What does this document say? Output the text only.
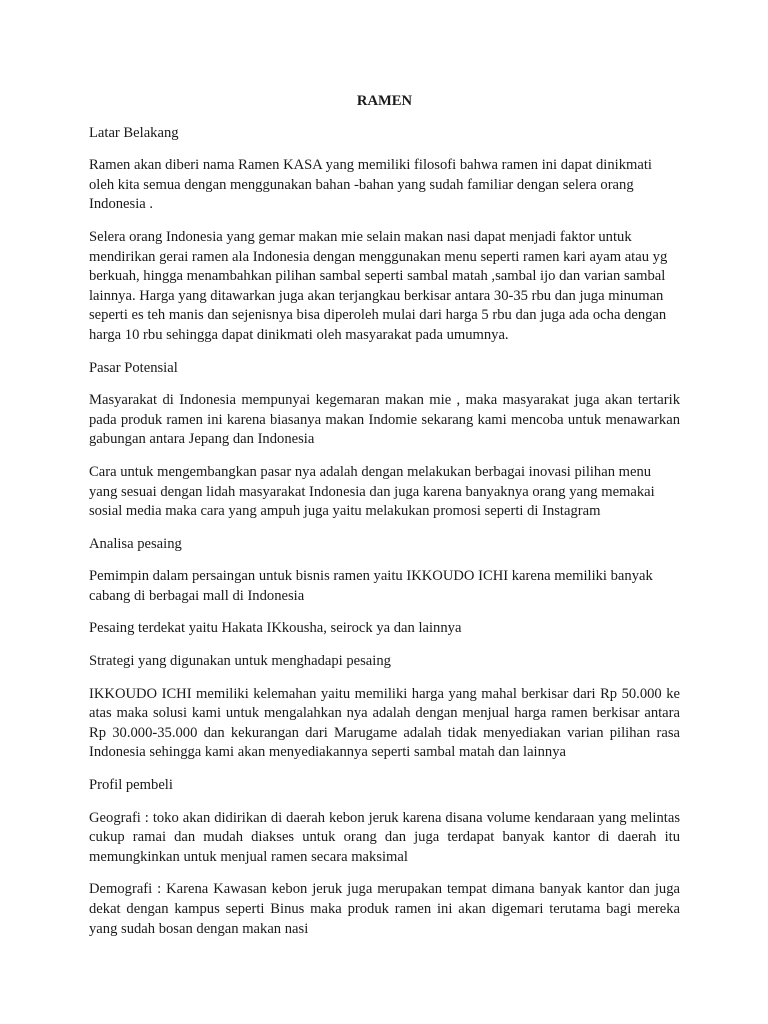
RAMEN
Latar Belakang
Ramen akan diberi nama Ramen KASA yang memiliki filosofi bahwa ramen ini dapat dinikmati oleh kita semua dengan menggunakan bahan -bahan yang sudah familiar dengan selera orang Indonesia .
Selera orang Indonesia yang gemar makan mie selain makan nasi dapat menjadi faktor untuk mendirikan gerai ramen ala Indonesia dengan menggunakan menu seperti ramen kari ayam atau yg berkuah, hingga menambahkan pilihan sambal seperti sambal matah ,sambal ijo dan varian sambal lainnya. Harga yang ditawarkan juga akan terjangkau berkisar antara 30-35 rbu dan juga minuman seperti es teh manis dan sejenisnya bisa diperoleh mulai dari harga 5 rbu dan juga ada ocha dengan harga 10 rbu sehingga dapat dinikmati oleh masyarakat pada umumnya.
Pasar Potensial
Masyarakat di Indonesia mempunyai kegemaran makan mie , maka masyarakat juga akan tertarik pada produk ramen ini karena biasanya makan Indomie sekarang kami mencoba untuk menawarkan gabungan antara Jepang dan Indonesia
Cara untuk mengembangkan pasar nya adalah dengan melakukan berbagai inovasi pilihan menu yang sesuai dengan lidah masyarakat Indonesia dan juga karena banyaknya orang yang memakai sosial media maka cara yang ampuh juga yaitu melakukan promosi seperti di Instagram
Analisa pesaing
Pemimpin dalam persaingan untuk bisnis ramen yaitu IKKOUDO ICHI karena memiliki banyak cabang di berbagai mall di Indonesia
Pesaing terdekat yaitu Hakata IKkousha, seirock ya dan lainnya
Strategi yang digunakan untuk menghadapi pesaing
IKKOUDO ICHI memiliki kelemahan yaitu memiliki harga yang mahal berkisar dari Rp 50.000 ke atas maka solusi kami untuk mengalahkan nya adalah dengan menjual harga ramen berkisar antara Rp 30.000-35.000 dan kekurangan dari Marugame adalah tidak menyediakan varian pilihan rasa Indonesia sehingga kami akan menyediakannya seperti sambal matah dan lainnya
Profil pembeli
Geografi : toko akan didirikan di daerah kebon jeruk karena disana volume kendaraan yang melintas cukup ramai dan mudah diakses untuk orang dan juga terdapat banyak kantor di daerah itu memungkinkan untuk menjual ramen secara maksimal
Demografi : Karena Kawasan kebon jeruk juga merupakan tempat dimana banyak kantor dan juga dekat dengan kampus seperti Binus maka produk ramen ini akan digemari terutama bagi mereka yang sudah bosan dengan makan nasi
